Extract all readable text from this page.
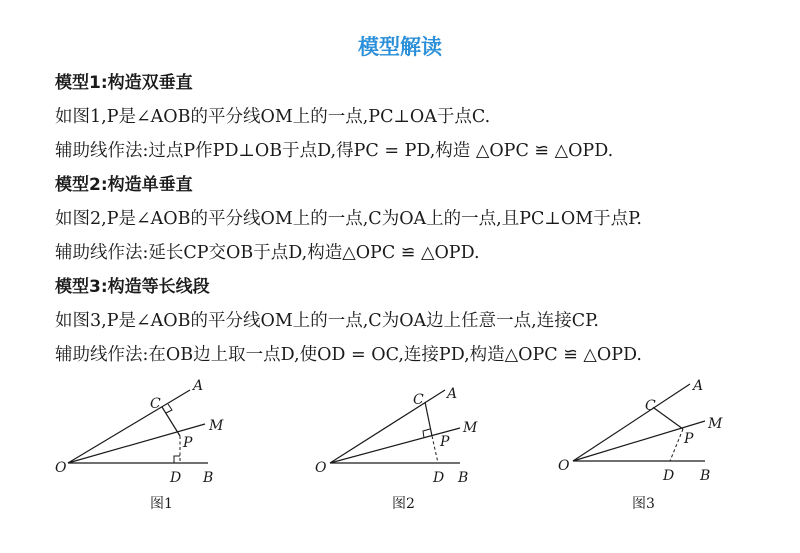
模型解读
模型1:构造双垂直
如图1,P是∠AOB的平分线OM上的一点,PC⊥OA于点C.
辅助线作法:过点P作PD⊥OB于点D,得PC = PD,构造 △OPC ≌ △OPD.
模型2:构造单垂直
如图2,P是∠AOB的平分线OM上的一点,C为OA上的一点,且PC⊥OM于点P.
辅助线作法:延长CP交OB于点D,构造△OPC ≌ △OPD.
模型3:构造等长线段
如图3,P是∠AOB的平分线OM上的一点,C为OA边上任意一点,连接CP.
辅助线作法:在OB边上取一点D,使OD = OC,连接PD,构造△OPC ≌ △OPD.
O
A
M
B
C
P
D
图1
O
A
M
B
C
P
D
图2
O
A
M
B
C
P
D
图3
